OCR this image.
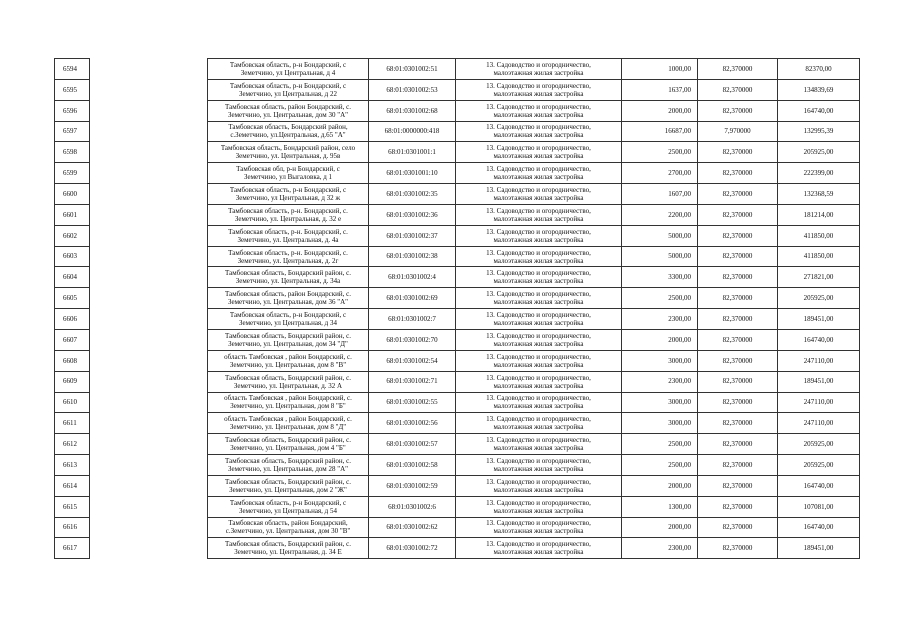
6594		Тамбовская область, р-н Бондарский, с
Земетчино, ул Центральная, д 4	68:01:0301002:51	13. Садоводство и огородничество,
малоэтажная жилая застройка	1000,00	82,370000	82370,00
6595		Тамбовская область, р-н Бондарский, с
Земетчино, ул Центральная, д 22	68:01:0301002:53	13. Садоводство и огородничество,
малоэтажная жилая застройка	1637,00	82,370000	134839,69
6596		Тамбовская область, район Бондарский, с.
Земетчино, ул. Центральная, дом 30 "А"	68:01:0301002:68	13. Садоводство и огородничество,
малоэтажная жилая застройка	2000,00	82,370000	164740,00
6597		Тамбовская область, Бондарский район,
с.Земетчино, ул.Центральная, д.65 "А"	68:01:0000000:418	13. Садоводство и огородничество,
малоэтажная жилая застройка	16687,00	7,970000	132995,39
6598		Тамбовская область, Бондарский район, село
Земетчино, ул. Центральная, д. 95в	68:01:0301001:1	13. Садоводство и огородничество,
малоэтажная жилая застройка	2500,00	82,370000	205925,00
6599		Тамбовская обл, р-н Бондарский, с
Земетчино, ул Выгаловка, д 1	68:01:0301001:10	13. Садоводство и огородничество,
малоэтажная жилая застройка	2700,00	82,370000	222399,00
6600		Тамбовская область, р-н Бондарский, с
Земетчино, ул Центральная, д 32 ж	68:01:0301002:35	13. Садоводство и огородничество,
малоэтажная жилая застройка	1607,00	82,370000	132368,59
6601		Тамбовская область, р-н. Бондарский, с.
Земетчино, ул. Центральная, д. 32 е	68:01:0301002:36	13. Садоводство и огородничество,
малоэтажная жилая застройка	2200,00	82,370000	181214,00
6602		Тамбовская область, р-н. Бондарский, с.
Земетчино, ул. Центральная, д. 4а	68:01:0301002:37	13. Садоводство и огородничество,
малоэтажная жилая застройка	5000,00	82,370000	411850,00
6603		Тамбовская область, р-н. Бондарский, с.
Земетчино, ул. Центральная, д. 2г	68:01:0301002:38	13. Садоводство и огородничество,
малоэтажная жилая застройка	5000,00	82,370000	411850,00
6604		Тамбовская область, Бондарский район, с.
Земетчино, ул. Центральная, д. 34а	68:01:0301002:4	13. Садоводство и огородничество,
малоэтажная жилая застройка	3300,00	82,370000	271821,00
6605		Тамбовская область, район Бондарский, с.
Земетчино, ул. Центральная, дом 36 "А"	68:01:0301002:69	13. Садоводство и огородничество,
малоэтажная жилая застройка	2500,00	82,370000	205925,00
6606		Тамбовская область, р-н Бондарский, с
Земетчино, ул Центральная, д 34	68:01:0301002:7	13. Садоводство и огородничество,
малоэтажная жилая застройка	2300,00	82,370000	189451,00
6607		Тамбовская область, Бондарский район, с.
Земетчино, ул. Центральная, дом 34 "Д"	68:01:0301002:70	13. Садоводство и огородничество,
малоэтажная жилая застройка	2000,00	82,370000	164740,00
6608		область Тамбовская , район Бондарский, с.
Земетчино, ул. Центральная, дом 8 "В"	68:01:0301002:54	13. Садоводство и огородничество,
малоэтажная жилая застройка	3000,00	82,370000	247110,00
6609		Тамбовская область, Бондарский район, с.
Земетчино, ул. Центральная, д. 32 А	68:01:0301002:71	13. Садоводство и огородничество,
малоэтажная жилая застройка	2300,00	82,370000	189451,00
6610		область Тамбовская , район Бондарский, с.
Земетчино, ул. Центральная, дом 8 "Б"	68:01:0301002:55	13. Садоводство и огородничество,
малоэтажная жилая застройка	3000,00	82,370000	247110,00
6611		область Тамбовская , район Бондарский, с.
Земетчино, ул. Центральная, дом 8 "Д"	68:01:0301002:56	13. Садоводство и огородничество,
малоэтажная жилая застройка	3000,00	82,370000	247110,00
6612		Тамбовская область, Бондарский район, с.
Земетчино, ул. Центральная, дом 4 "Б"	68:01:0301002:57	13. Садоводство и огородничество,
малоэтажная жилая застройка	2500,00	82,370000	205925,00
6613		Тамбовская область, Бондарский район, с.
Земетчино, ул. Центральная, дом 28 "А"	68:01:0301002:58	13. Садоводство и огородничество,
малоэтажная жилая застройка	2500,00	82,370000	205925,00
6614		Тамбовская область, Бондарский район, с.
Земетчино, ул. Центральная, дом 2 "Ж"	68:01:0301002:59	13. Садоводство и огородничество,
малоэтажная жилая застройка	2000,00	82,370000	164740,00
6615		Тамбовская область, р-н Бондарский, с
Земетчино, ул Центральная, д 54	68:01:0301002:6	13. Садоводство и огородничество,
малоэтажная жилая застройка	1300,00	82,370000	107081,00
6616		Тамбовская область, район Бондарский,
с.Земетчино, ул. Центральная, дом 30 "В"	68:01:0301002:62	13. Садоводство и огородничество,
малоэтажная жилая застройка	2000,00	82,370000	164740,00
6617		Тамбовская область, Бондарский район, с.
Земетчино, ул. Центральная, д. 34 Е	68:01:0301002:72	13. Садоводство и огородничество,
малоэтажная жилая застройка	2300,00	82,370000	189451,00
